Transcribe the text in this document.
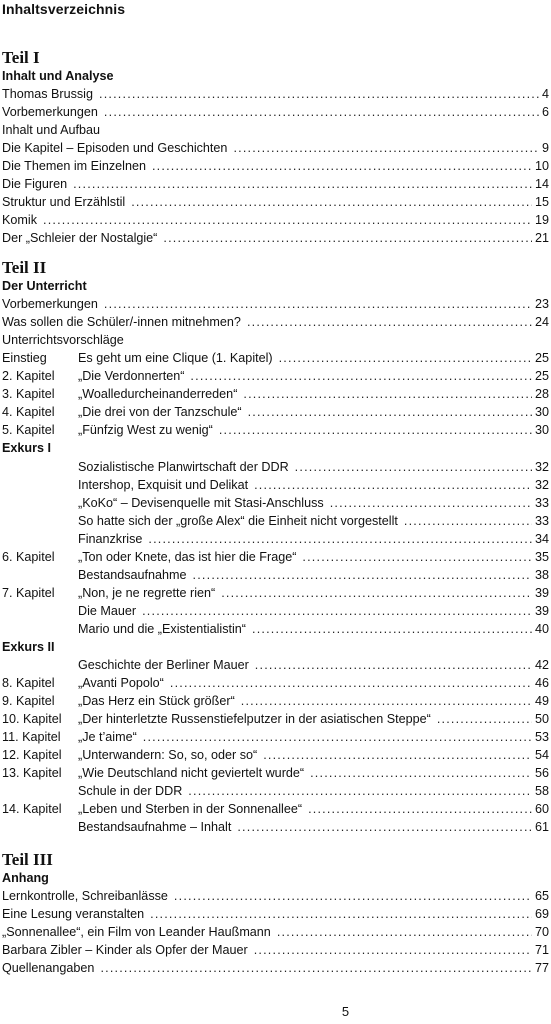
Inhaltsverzeichnis
Teil I
Inhalt und Analyse
Thomas Brussig .....	4
Vorbemerkungen .....	6
Inhalt und Aufbau
Die Kapitel – Episoden und Geschichten .....	9
Die Themen im Einzelnen .....	10
Die Figuren .....	14
Struktur und Erzählstil .....	15
Komik .....	19
Der „Schleier der Nostalgie“ .....	21
Teil II
Der Unterricht
Vorbemerkungen .....	23
Was sollen die Schüler/-innen mitnehmen? .....	24
Unterrichtsvorschläge
Einstieg	Es geht um eine Clique (1. Kapitel) .....	25
2. Kapitel	„Die Verdonnerten“ .....	25
3. Kapitel	„Woalledurcheinanderreden“ .....	28
4. Kapitel	„Die drei von der Tanzschule“ .....	30
5. Kapitel	„Fünfzig West zu wenig“ .....	30
Exkurs I
Sozialistische Planwirtschaft der DDR .....	32
Intershop, Exquisit und Delikat .....	32
„KoKo“ – Devisenquelle mit Stasi-Anschluss .....	33
So hatte sich der „große Alex“ die Einheit nicht vorgestellt .....	33
Finanzkrise .....	34
6. Kapitel	„Ton oder Knete, das ist hier die Frage“ .....	35
Bestandsaufnahme .....	38
7. Kapitel	„Non, je ne regrette rien“ .....	39
Die Mauer .....	39
Mario und die „Existentialistin“ .....	40
Exkurs II
Geschichte der Berliner Mauer .....	42
8. Kapitel	„Avanti Popolo“ .....	46
9. Kapitel	„Das Herz ein Stück größer“ .....	49
10. Kapitel	„Der hinterletzte Russenstiefelputzer in der asiatischen Steppe“ .....	50
11. Kapitel	„Je t’aime“ .....	53
12. Kapitel	„Unterwandern: So, so, oder so“ .....	54
13. Kapitel	„Wie Deutschland nicht geviertelt wurde“ .....	56
Schule in der DDR .....	58
14. Kapitel	„Leben und Sterben in der Sonnenallee“ .....	60
Bestandsaufnahme – Inhalt .....	61
Teil III
Anhang
Lernkontrolle, Schreibanlässe .....	65
Eine Lesung veranstalten .....	69
„Sonnenallee“, ein Film von Leander Haußmann .....	70
Barbara Zibler – Kinder als Opfer der Mauer .....	71
Quellenangaben .....	77
5
